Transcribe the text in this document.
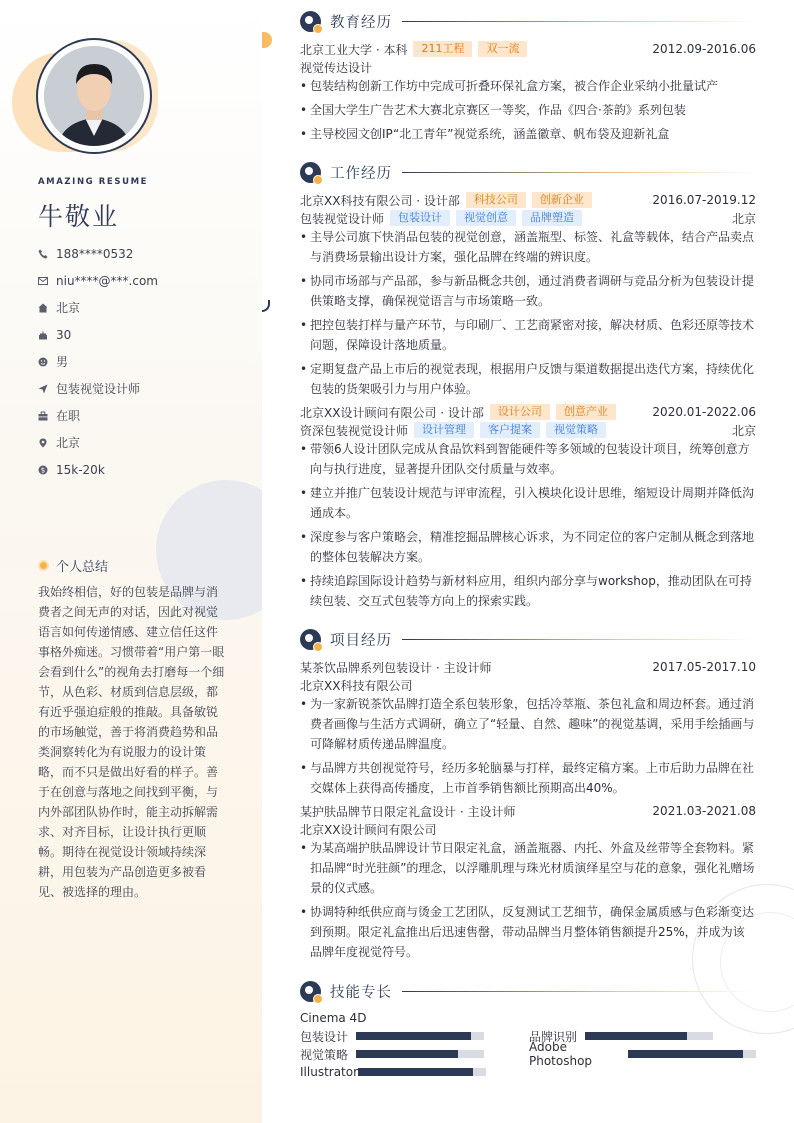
AMAZING RESUME
牛敬业
188****0532
niu****@***.com
北京
30
男
包装视觉设计师
在职
北京
$ 15k-20k
个人总结
我始终相信，好的包装是品牌与消费者之间无声的对话，因此对视觉语言如何传递情感、建立信任这件事格外痴迷。习惯带着“用户第一眼会看到什么”的视角去打磨每一个细节，从色彩、材质到信息层级，都有近乎强迫症般的推敲。具备敏锐的市场触觉，善于将消费趋势和品类洞察转化为有说服力的设计策略，而不只是做出好看的样子。善于在创意与落地之间找到平衡，与内外部团队协作时，能主动拆解需求、对齐目标，让设计执行更顺畅。期待在视觉设计领域持续深耕，用包装为产品创造更多被看见、被选择的理由。
教育经历
北京工业大学 · 本科	211工程	双一流	2012.09-2016.06
视觉传达设计
• 包装结构创新工作坊中完成可折叠环保礼盒方案，被合作企业采纳小批量试产
• 全国大学生广告艺术大赛北京赛区一等奖，作品《四合·茶韵》系列包装
• 主导校园文创IP“北工青年”视觉系统，涵盖徽章、帆布袋及迎新礼盒
工作经历
北京XX科技有限公司 · 设计部	科技公司	创新企业	2016.07-2019.12
包装视觉设计师	包装设计	视觉创意	品牌塑造	北京
• 主导公司旗下快消品包装的视觉创意，涵盖瓶型、标签、礼盒等载体，结合产品卖点与消费场景输出设计方案，强化品牌在终端的辨识度。
• 协同市场部与产品部，参与新品概念共创，通过消费者调研与竞品分析为包装设计提供策略支撑，确保视觉语言与市场策略一致。
• 把控包装打样与量产环节，与印刷厂、工艺商紧密对接，解决材质、色彩还原等技术问题，保障设计落地质量。
• 定期复盘产品上市后的视觉表现，根据用户反馈与渠道数据提出迭代方案，持续优化包装的货架吸引力与用户体验。
北京XX设计顾问有限公司 · 设计部	设计公司	创意产业	2020.01-2022.06
资深包装视觉设计师	设计管理	客户提案	视觉策略	北京
• 带领6人设计团队完成从食品饮料到智能硬件等多领域的包装设计项目，统筹创意方向与执行进度，显著提升团队交付质量与效率。
• 建立并推广包装设计规范与评审流程，引入模块化设计思维，缩短设计周期并降低沟通成本。
• 深度参与客户策略会，精准挖掘品牌核心诉求，为不同定位的客户定制从概念到落地的整体包装解决方案。
• 持续追踪国际设计趋势与新材料应用，组织内部分享与workshop，推动团队在可持续包装、交互式包装等方向上的探索实践。
项目经历
某茶饮品牌系列包装设计 · 主设计师	2017.05-2017.10
北京XX科技有限公司
• 为一家新锐茶饮品牌打造全系包装形象，包括冷萃瓶、茶包礼盒和周边杯套。通过消费者画像与生活方式调研，确立了“轻量、自然、趣味”的视觉基调，采用手绘插画与可降解材质传递品牌温度。
• 与品牌方共创视觉符号，经历多轮脑暴与打样，最终定稿方案。上市后助力品牌在社交媒体上获得高传播度，上市首季销售额比预期高出40%。
某护肤品牌节日限定礼盒设计 · 主设计师	2021.03-2021.08
北京XX设计顾问有限公司
• 为某高端护肤品牌设计节日限定礼盒，涵盖瓶器、内托、外盒及丝带等全套物料。紧扣品牌“时光驻颜”的理念，以浮雕肌理与珠光材质演绎星空与花的意象，强化礼赠场景的仪式感。
• 协调特种纸供应商与烫金工艺团队，反复测试工艺细节，确保金属质感与色彩渐变达到预期。限定礼盒推出后迅速售罄，带动品牌当月整体销售额提升25%，并成为该品牌年度视觉符号。
技能专长
Cinema 4D
包装设计	品牌识别
视觉策略
Adobe Photoshop
Illustrator
